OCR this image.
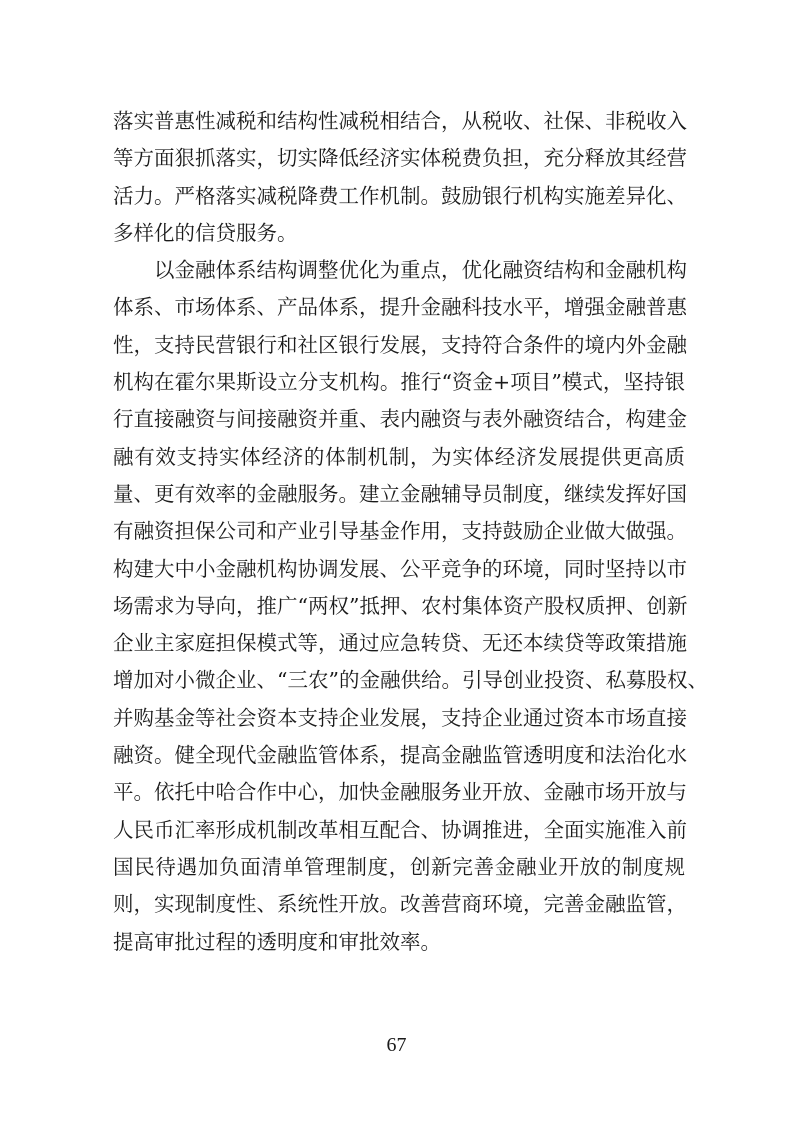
落实普惠性减税和结构性减税相结合，从税收、社保、非税收入
等方面狠抓落实，切实降低经济实体税费负担，充分释放其经营
活力。严格落实减税降费工作机制。鼓励银行机构实施差异化、
多样化的信贷服务。
　　以金融体系结构调整优化为重点，优化融资结构和金融机构
体系、市场体系、产品体系，提升金融科技水平，增强金融普惠
性，支持民营银行和社区银行发展，支持符合条件的境内外金融
机构在霍尔果斯设立分支机构。推行“资金+项目”模式，坚持银
行直接融资与间接融资并重、表内融资与表外融资结合，构建金
融有效支持实体经济的体制机制，为实体经济发展提供更高质
量、更有效率的金融服务。建立金融辅导员制度，继续发挥好国
有融资担保公司和产业引导基金作用，支持鼓励企业做大做强。
构建大中小金融机构协调发展、公平竞争的环境，同时坚持以市
场需求为导向，推广“两权”抵押、农村集体资产股权质押、创新
企业主家庭担保模式等，通过应急转贷、无还本续贷等政策措施
增加对小微企业、“三农”的金融供给。引导创业投资、私募股权、
并购基金等社会资本支持企业发展，支持企业通过资本市场直接
融资。健全现代金融监管体系，提高金融监管透明度和法治化水
平。依托中哈合作中心，加快金融服务业开放、金融市场开放与
人民币汇率形成机制改革相互配合、协调推进，全面实施准入前
国民待遇加负面清单管理制度，创新完善金融业开放的制度规
则，实现制度性、系统性开放。改善营商环境，完善金融监管，
提高审批过程的透明度和审批效率。
67
